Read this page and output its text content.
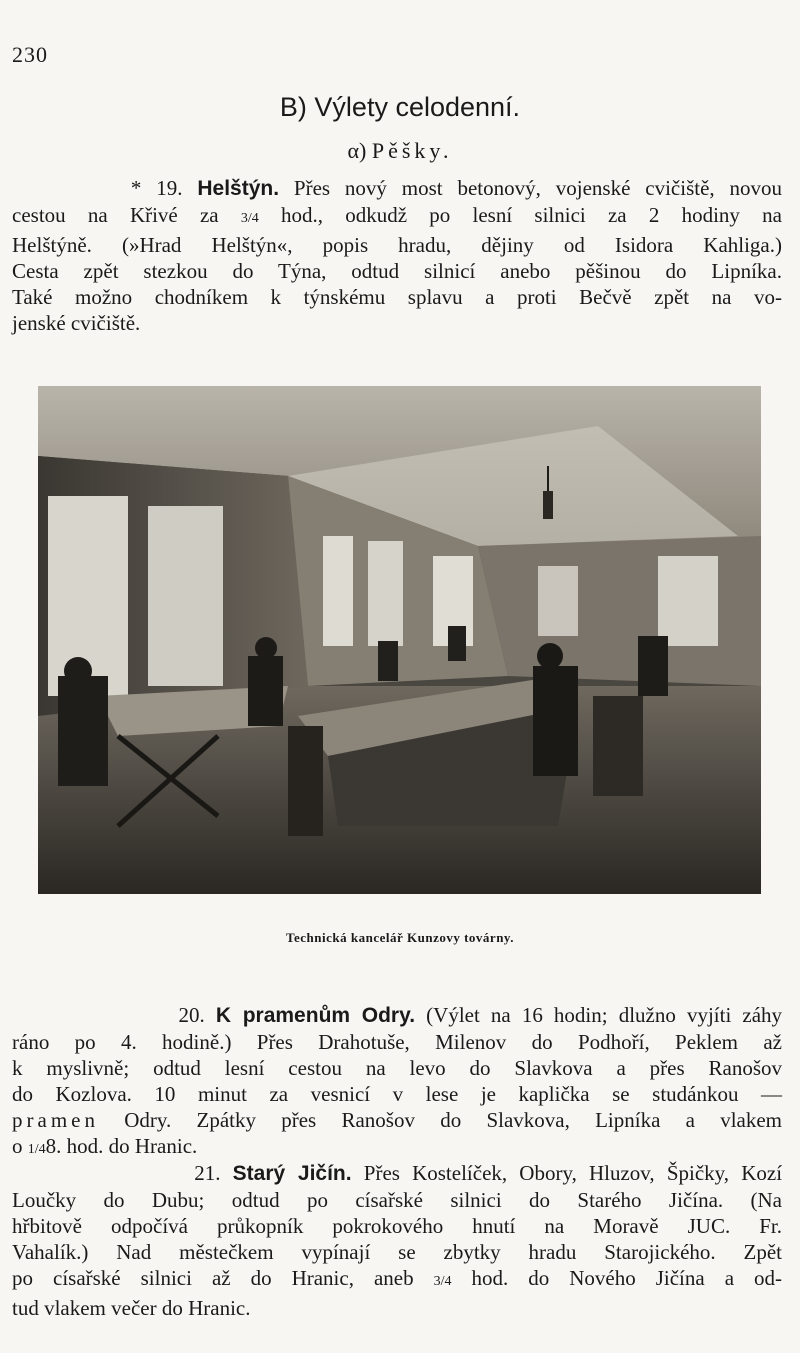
230
B) Výlety celodenní.
α) Pěšky.
* 19. Helštýn. Přes nový most betonový, vojenské cvičiště, novou
cestou na Křivé za 3/4 hod., odkudž po lesní silnici za 2 hodiny na
Helštýně. (»Hrad Helštýn«, popis hradu, dějiny od Isidora Kahliga.)
Cesta zpět stezkou do Týna, odtud silnicí anebo pěšinou do Lipníka.
Také možno chodníkem k týnskému splavu a proti Bečvě zpět na vo-
jenské cvičiště.
Technická kancelář Kunzovy továrny.
20. K pramenům Odry. (Výlet na 16 hodin; dlužno vyjíti záhy
ráno po 4. hodině.) Přes Drahotuše, Milenov do Podhoří, Peklem až
k myslivně; odtud lesní cestou na levo do Slavkova a přes Ranošov
do Kozlova. 10 minut za vesnicí v lese je kaplička se studánkou —
pramen Odry. Zpátky přes Ranošov do Slavkova, Lipníka a vlakem
o 1/48. hod. do Hranic.
21. Starý Jičín. Přes Kostelíček, Obory, Hluzov, Špičky, Kozí
Loučky do Dubu; odtud po císařské silnici do Starého Jičína. (Na
hřbitově odpočívá průkopník pokrokového hnutí na Moravě JUC. Fr.
Vahalík.) Nad městečkem vypínají se zbytky hradu Starojického. Zpět
po císařské silnici až do Hranic, aneb 3/4 hod. do Nového Jičína a od-
tud vlakem večer do Hranic.
